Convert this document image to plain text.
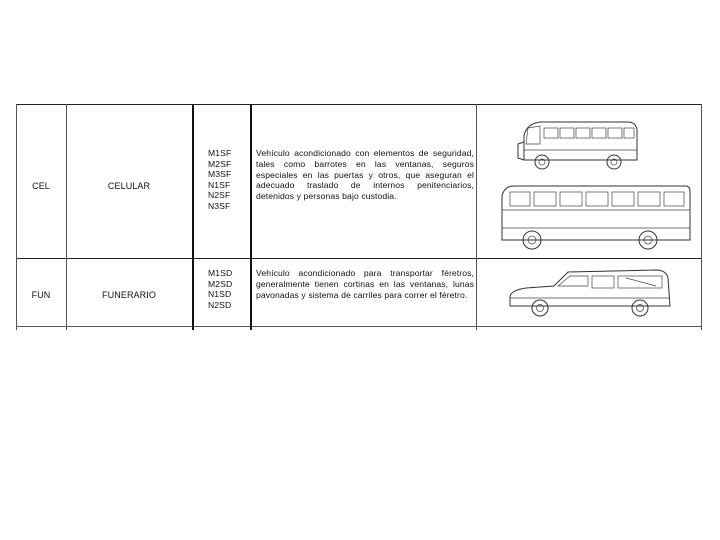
CEL	CELULAR
M1SF
M2SF
M3SF
N1SF
N2SF
N3SF
Vehículo acondicionado con elementos de seguridad, tales como barrotes en las ventanas, seguros especiales en las puertas y otros, que aseguran el adecuado traslado de internos penitenciarios, detenidos y personas bajo custodia.
FUN	FUNERARIO
M1SD
M2SD
N1SD
N2SD
Vehículo acondicionado para transportar féretros, generalmente tienen cortinas en las ventanas, lunas pavonadas y sistema de carriles para correr el féretro.
